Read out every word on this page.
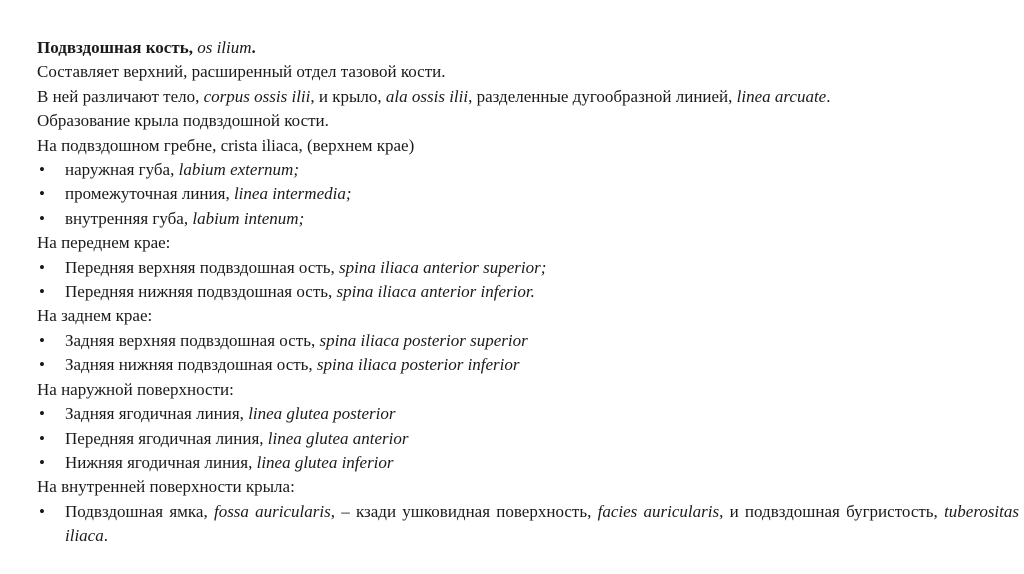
Подвздошная кость, os ilium.

Составляет верхний, расширенный отдел тазовой кости.

В ней различают тело, corpus ossis ilii, и крыло, ala ossis ilii, разделенные дугообразной линией, linea arcuate.

Образование крыла подвздошной кости.

На подвздошном гребне, crista iliaca, (верхнем крае)

• наружная губа, labium externum;

• промежуточная линия, linea intermedia;

• внутренняя губа, labium intenum;

На переднем крае:

• Передняя верхняя подвздошная ость, spina iliaca anterior superior;

• Передняя нижняя подвздошная ость, spina iliaca anterior inferior.

На заднем крае:

• Задняя верхняя подвздошная ость, spina iliaca posterior superior

• Задняя нижняя подвздошная ость, spina iliaca posterior inferior

На наружной поверхности:

• Задняя ягодичная линия, linea glutea posterior

• Передняя ягодичная линия, linea glutea anterior

• Нижняя ягодичная линия, linea glutea inferior

На внутренней поверхности крыла:

• Подвздошная ямка, fossa auricularis, – кзади ушковидная поверхность, facies auricularis, и подвздошная бугристость, tuberositas iliaca.
